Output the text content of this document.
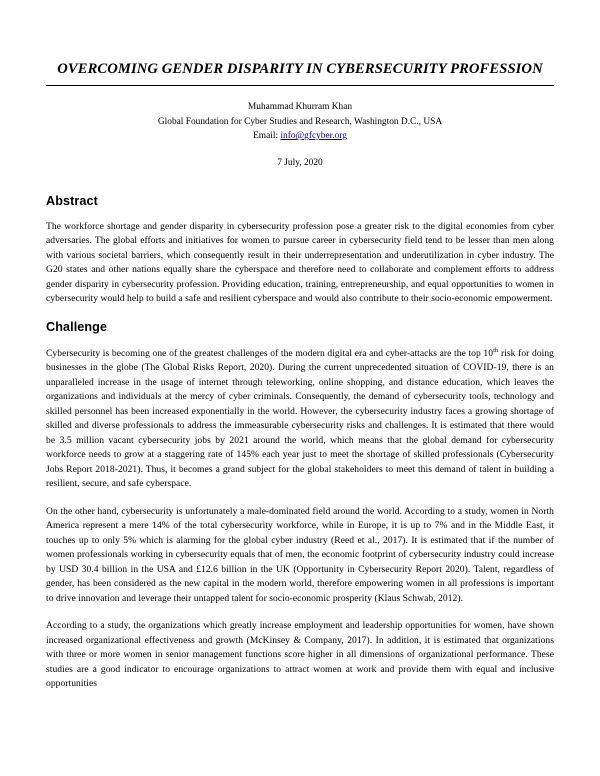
OVERCOMING GENDER DISPARITY IN CYBERSECURITY PROFESSION
Muhammad Khurram Khan
Global Foundation for Cyber Studies and Research, Washington D.C., USA
Email: info@gfcyber.org
7 July, 2020
Abstract

The workforce shortage and gender disparity in cybersecurity profession pose a greater risk to the digital economies from cyber adversaries. The global efforts and initiatives for women to pursue career in cybersecurity field tend to be lesser than men along with various societal barriers, which consequently result in their underrepresentation and underutilization in cyber industry. The G20 states and other nations equally share the cyberspace and therefore need to collaborate and complement efforts to address gender disparity in cybersecurity profession. Providing education, training, entrepreneurship, and equal opportunities to women in cybersecurity would help to build a safe and resilient cyberspace and would also contribute to their socio-economic empowerment.

Challenge

Cybersecurity is becoming one of the greatest challenges of the modern digital era and cyber-attacks are the top 10th risk for doing businesses in the globe (The Global Risks Report, 2020). During the current unprecedented situation of COVID-19, there is an unparalleled increase in the usage of internet through teleworking, online shopping, and distance education, which leaves the organizations and individuals at the mercy of cyber criminals. Consequently, the demand of cybersecurity tools, technology and skilled personnel has been increased exponentially in the world. However, the cybersecurity industry faces a growing shortage of skilled and diverse professionals to address the immeasurable cybersecurity risks and challenges. It is estimated that there would be 3.5 million vacant cybersecurity jobs by 2021 around the world, which means that the global demand for cybersecurity workforce needs to grow at a staggering rate of 145% each year just to meet the shortage of skilled professionals (Cybersecurity Jobs Report 2018-2021). Thus, it becomes a grand subject for the global stakeholders to meet this demand of talent in building a resilient, secure, and safe cyberspace.

On the other hand, cybersecurity is unfortunately a male-dominated field around the world. According to a study, women in North America represent a mere 14% of the total cybersecurity workforce, while in Europe, it is up to 7% and in the Middle East, it touches up to only 5% which is alarming for the global cyber industry (Reed et al., 2017). It is estimated that if the number of women professionals working in cybersecurity equals that of men, the economic footprint of cybersecurity industry could increase by USD 30.4 billion in the USA and £12.6 billion in the UK (Opportunity in Cybersecurity Report 2020). Talent, regardless of gender, has been considered as the new capital in the modern world, therefore empowering women in all professions is important to drive innovation and leverage their untapped talent for socio-economic prosperity (Klaus Schwab, 2012).

According to a study, the organizations which greatly increase employment and leadership opportunities for women, have shown increased organizational effectiveness and growth (McKinsey & Company, 2017). In addition, it is estimated that organizations with three or more women in senior management functions score higher in all dimensions of organizational performance. These studies are a good indicator to encourage organizations to attract women at work and provide them with equal and inclusive opportunities
